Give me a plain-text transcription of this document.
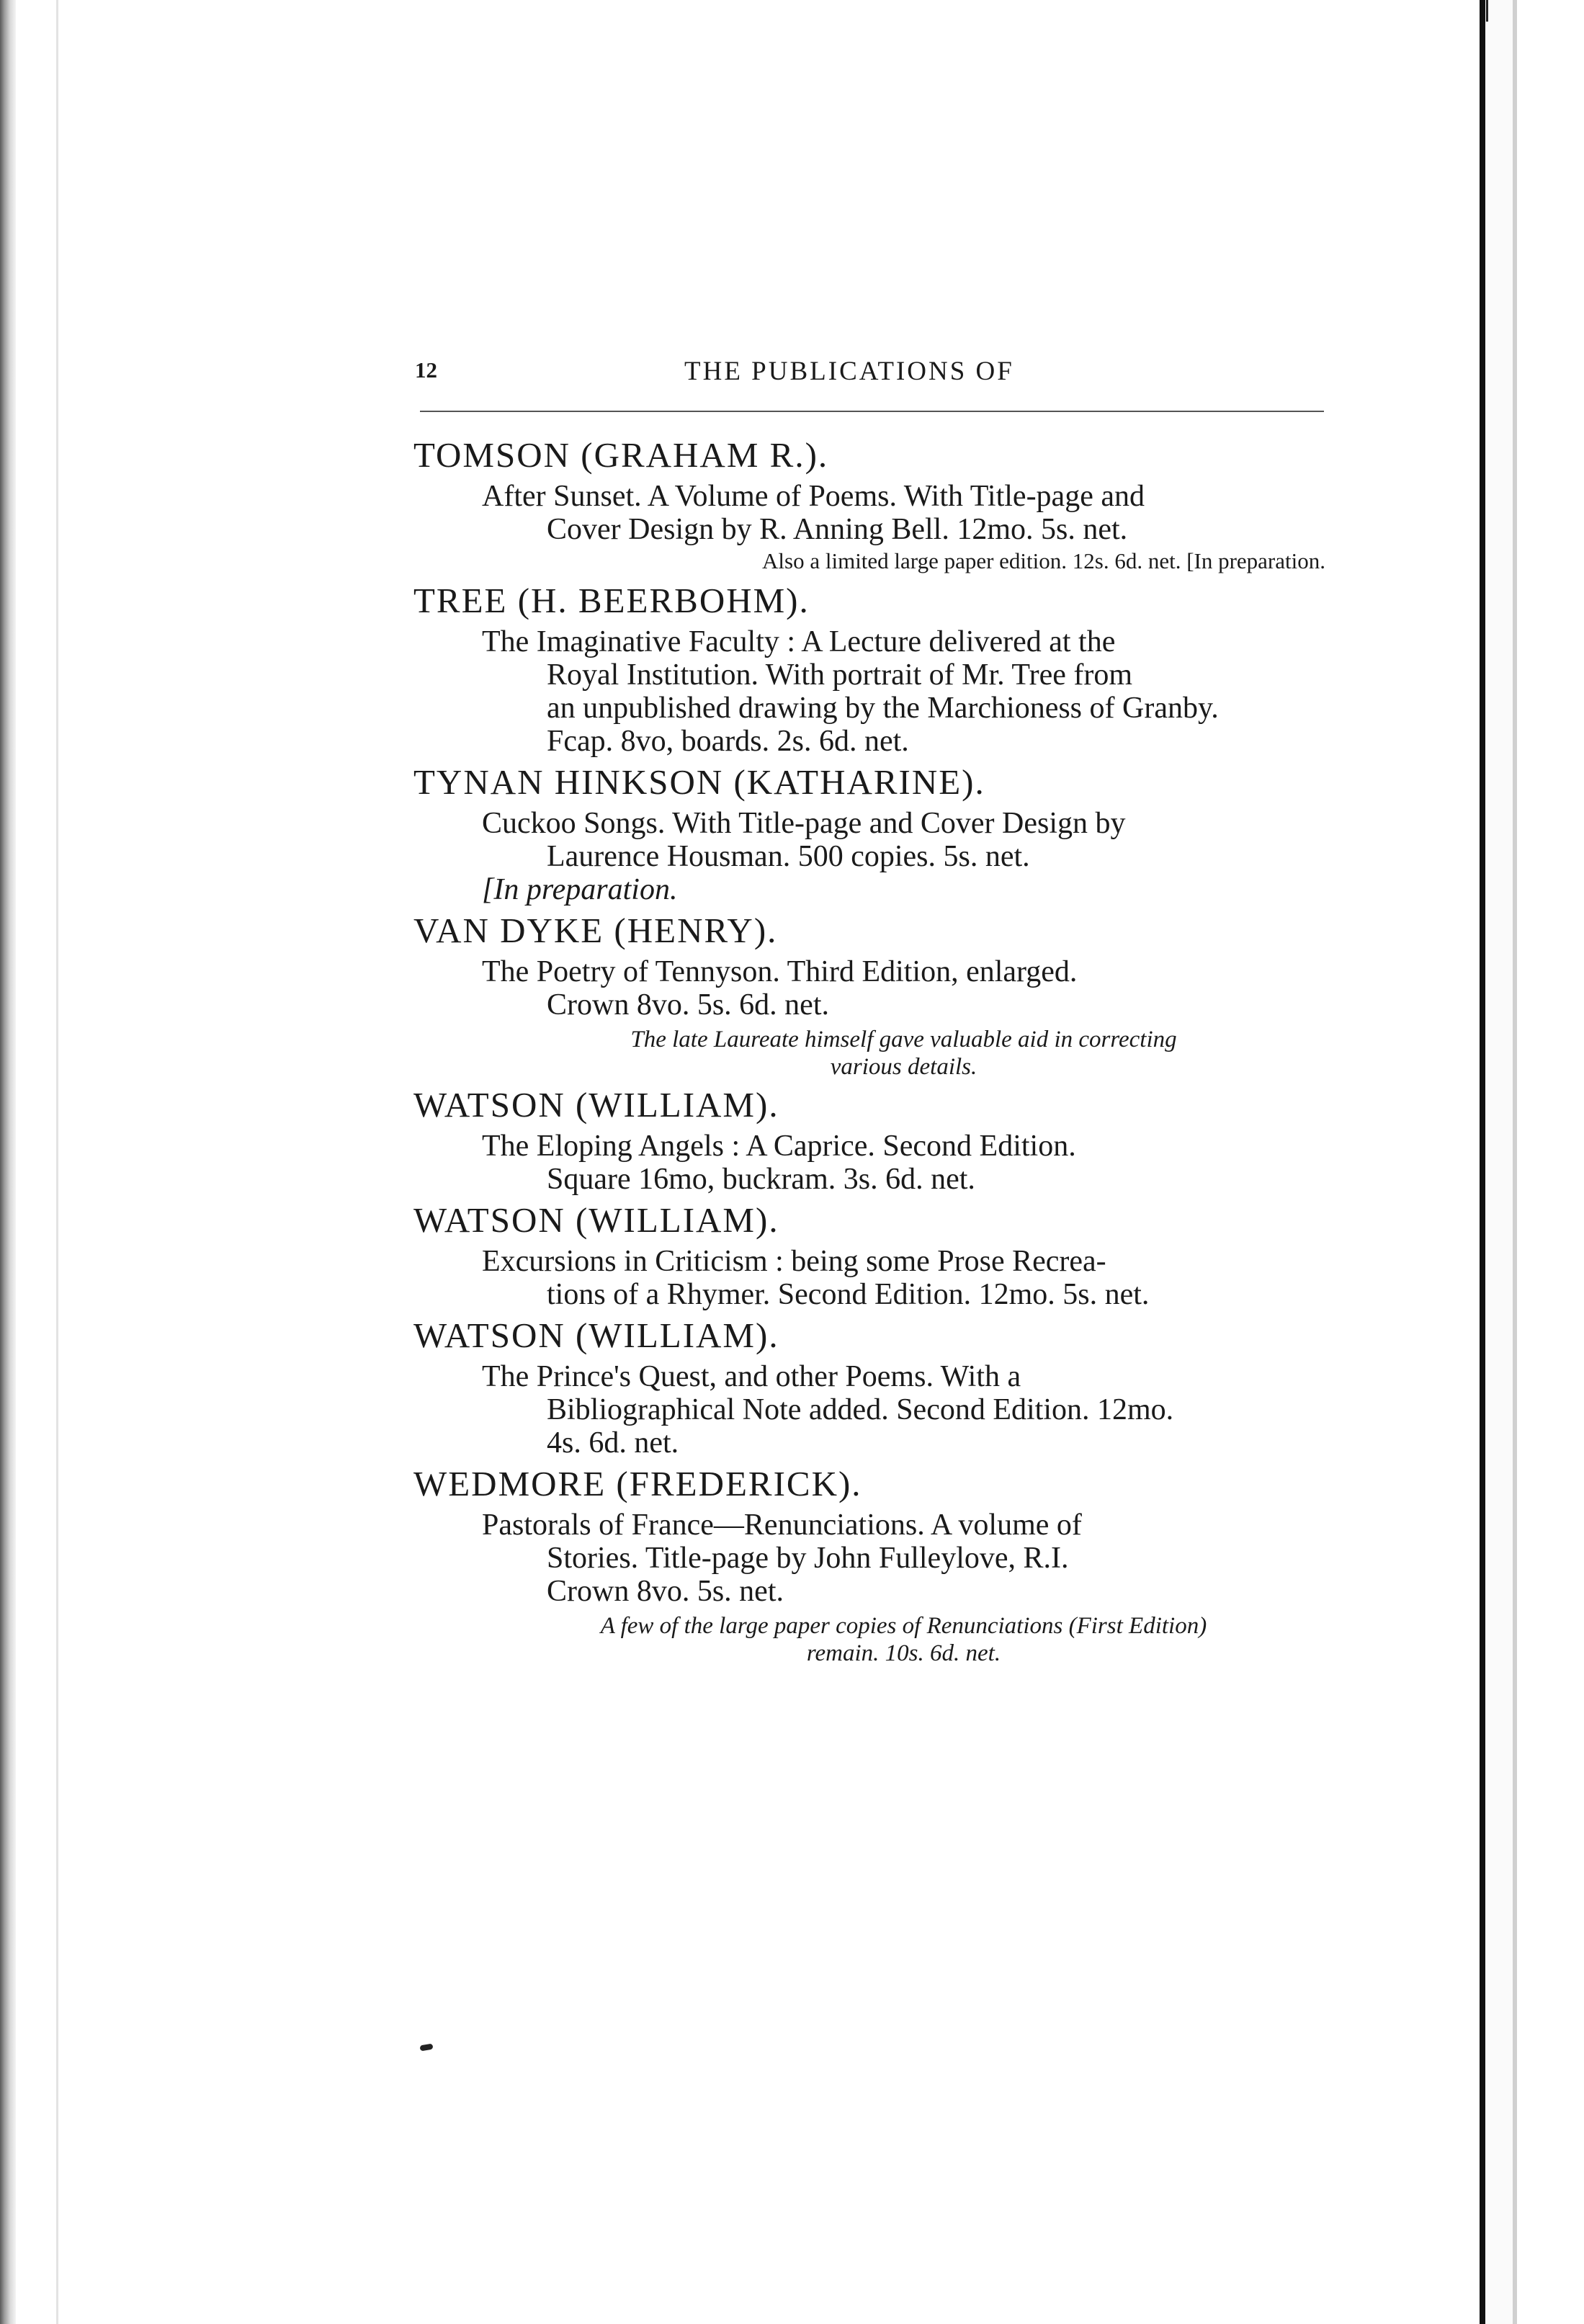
12	THE PUBLICATIONS OF
TOMSON (GRAHAM R.).
After Sunset. A Volume of Poems. With Title-page and
Cover Design by R. Anning Bell. 12mo. 5s. net.
Also a limited large paper edition. 12s. 6d. net. [In preparation.
TREE (H. BEERBOHM).
The Imaginative Faculty : A Lecture delivered at the
Royal Institution. With portrait of Mr. Tree from
an unpublished drawing by the Marchioness of Granby.
Fcap. 8vo, boards. 2s. 6d. net.
TYNAN HINKSON (KATHARINE).
Cuckoo Songs. With Title-page and Cover Design by
Laurence Housman. 500 copies. 5s. net.
[In preparation.
VAN DYKE (HENRY).
The Poetry of Tennyson. Third Edition, enlarged.
Crown 8vo. 5s. 6d. net.
The late Laureate himself gave valuable aid in correcting
various details.
WATSON (WILLIAM).
The Eloping Angels : A Caprice. Second Edition.
Square 16mo, buckram. 3s. 6d. net.
WATSON (WILLIAM).
Excursions in Criticism : being some Prose Recrea-
tions of a Rhymer. Second Edition. 12mo. 5s. net.
WATSON (WILLIAM).
The Prince's Quest, and other Poems. With a
Bibliographical Note added. Second Edition. 12mo.
4s. 6d. net.
WEDMORE (FREDERICK).
Pastorals of France—Renunciations. A volume of
Stories. Title-page by John Fulleylove, R.I.
Crown 8vo. 5s. net.
A few of the large paper copies of Renunciations (First Edition)
remain. 10s. 6d. net.
